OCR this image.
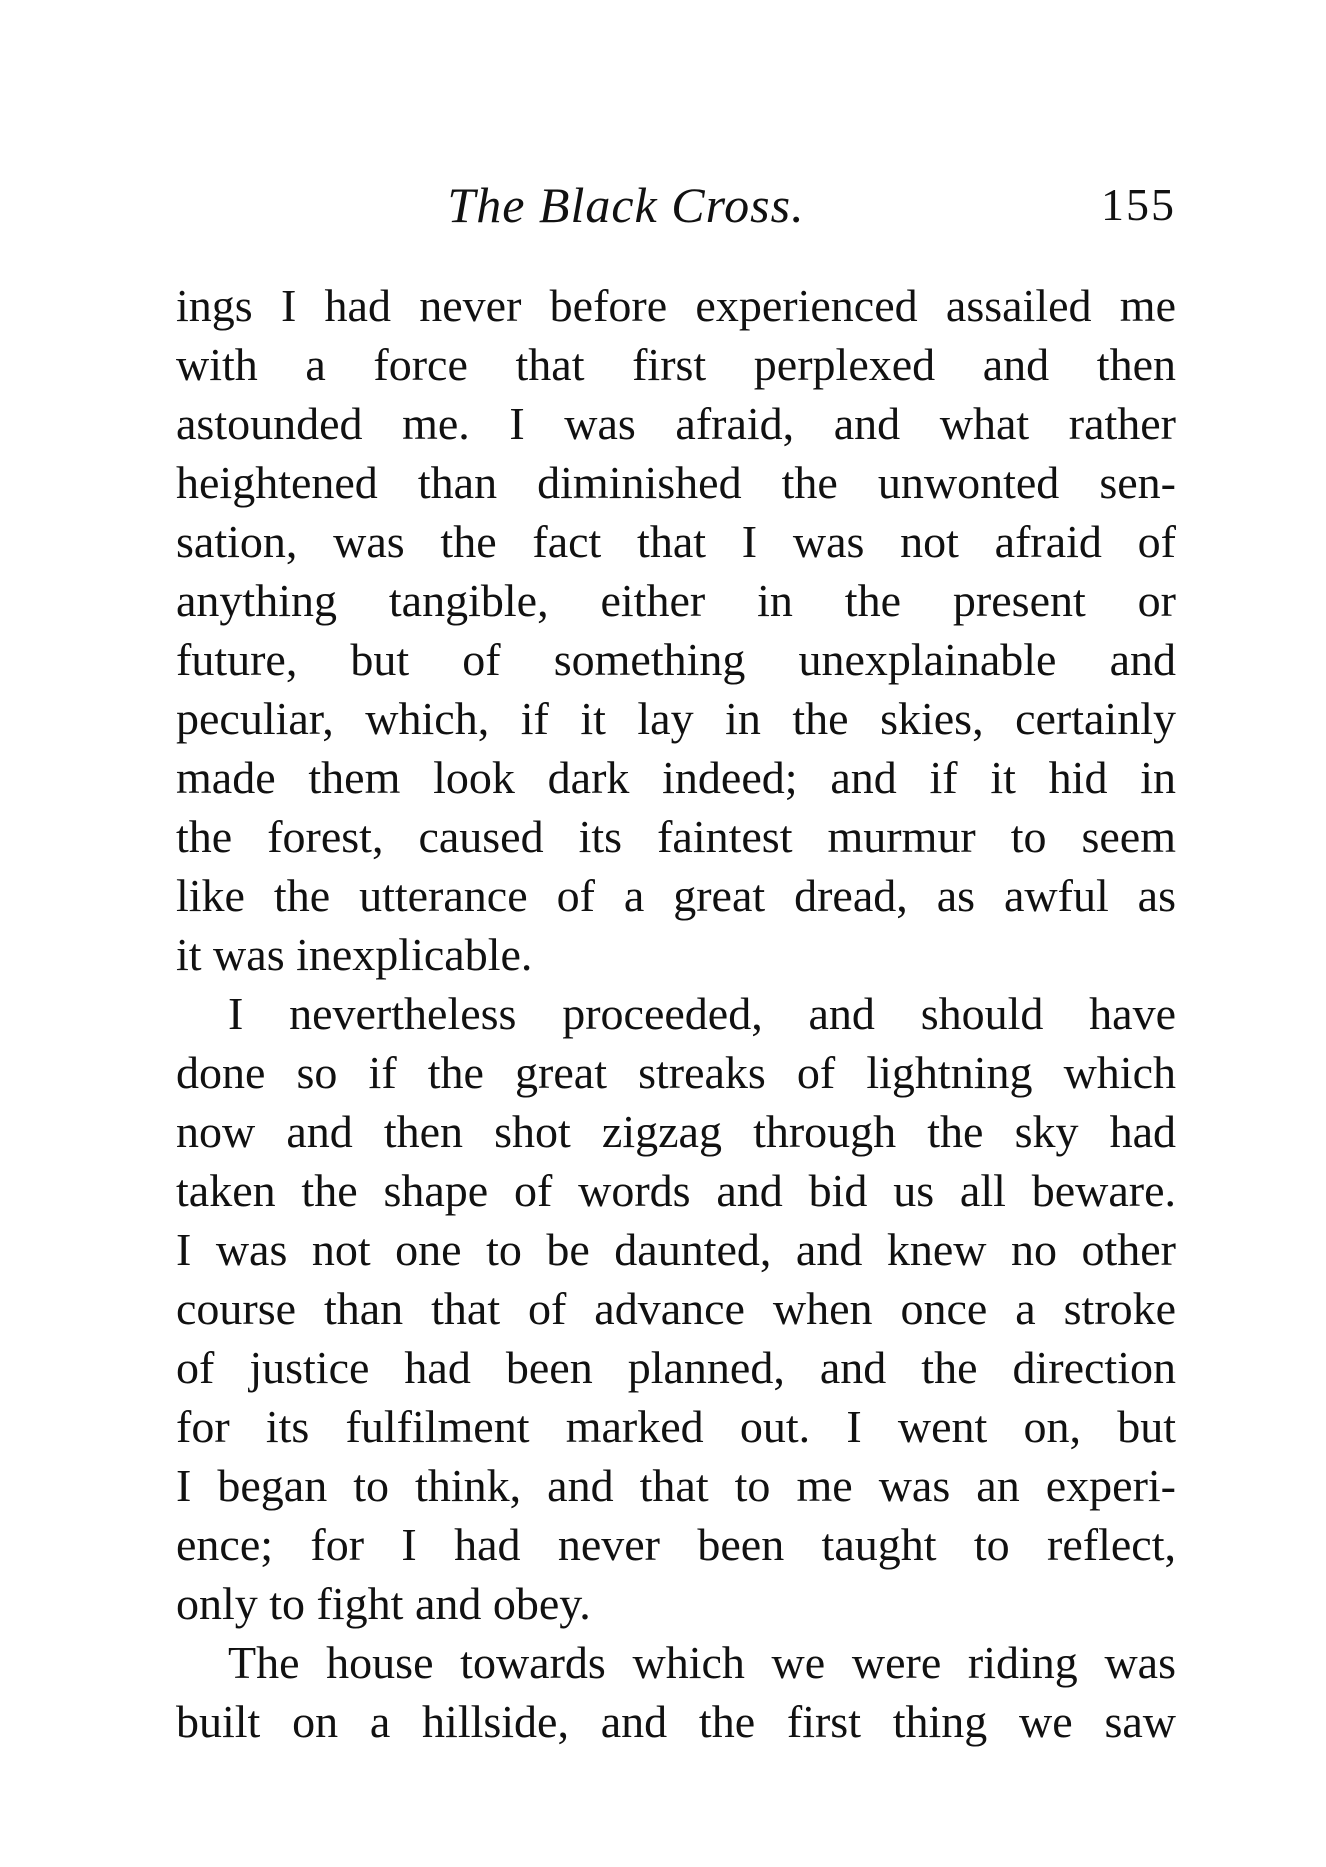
The Black Cross.	155
ings I had never before experienced assailed me
with a force that first perplexed and then
astounded me. I was afraid, and what rather
heightened than diminished the unwonted sen-
sation, was the fact that I was not afraid of
anything tangible, either in the present or
future, but of something unexplainable and
peculiar, which, if it lay in the skies, certainly
made them look dark indeed; and if it hid in
the forest, caused its faintest murmur to seem
like the utterance of a great dread, as awful as
it was inexplicable.
I nevertheless proceeded, and should have
done so if the great streaks of lightning which
now and then shot zigzag through the sky had
taken the shape of words and bid us all beware.
I was not one to be daunted, and knew no other
course than that of advance when once a stroke
of justice had been planned, and the direction
for its fulfilment marked out. I went on, but
I began to think, and that to me was an experi-
ence; for I had never been taught to reflect,
only to fight and obey.
The house towards which we were riding was
built on a hillside, and the first thing we saw
